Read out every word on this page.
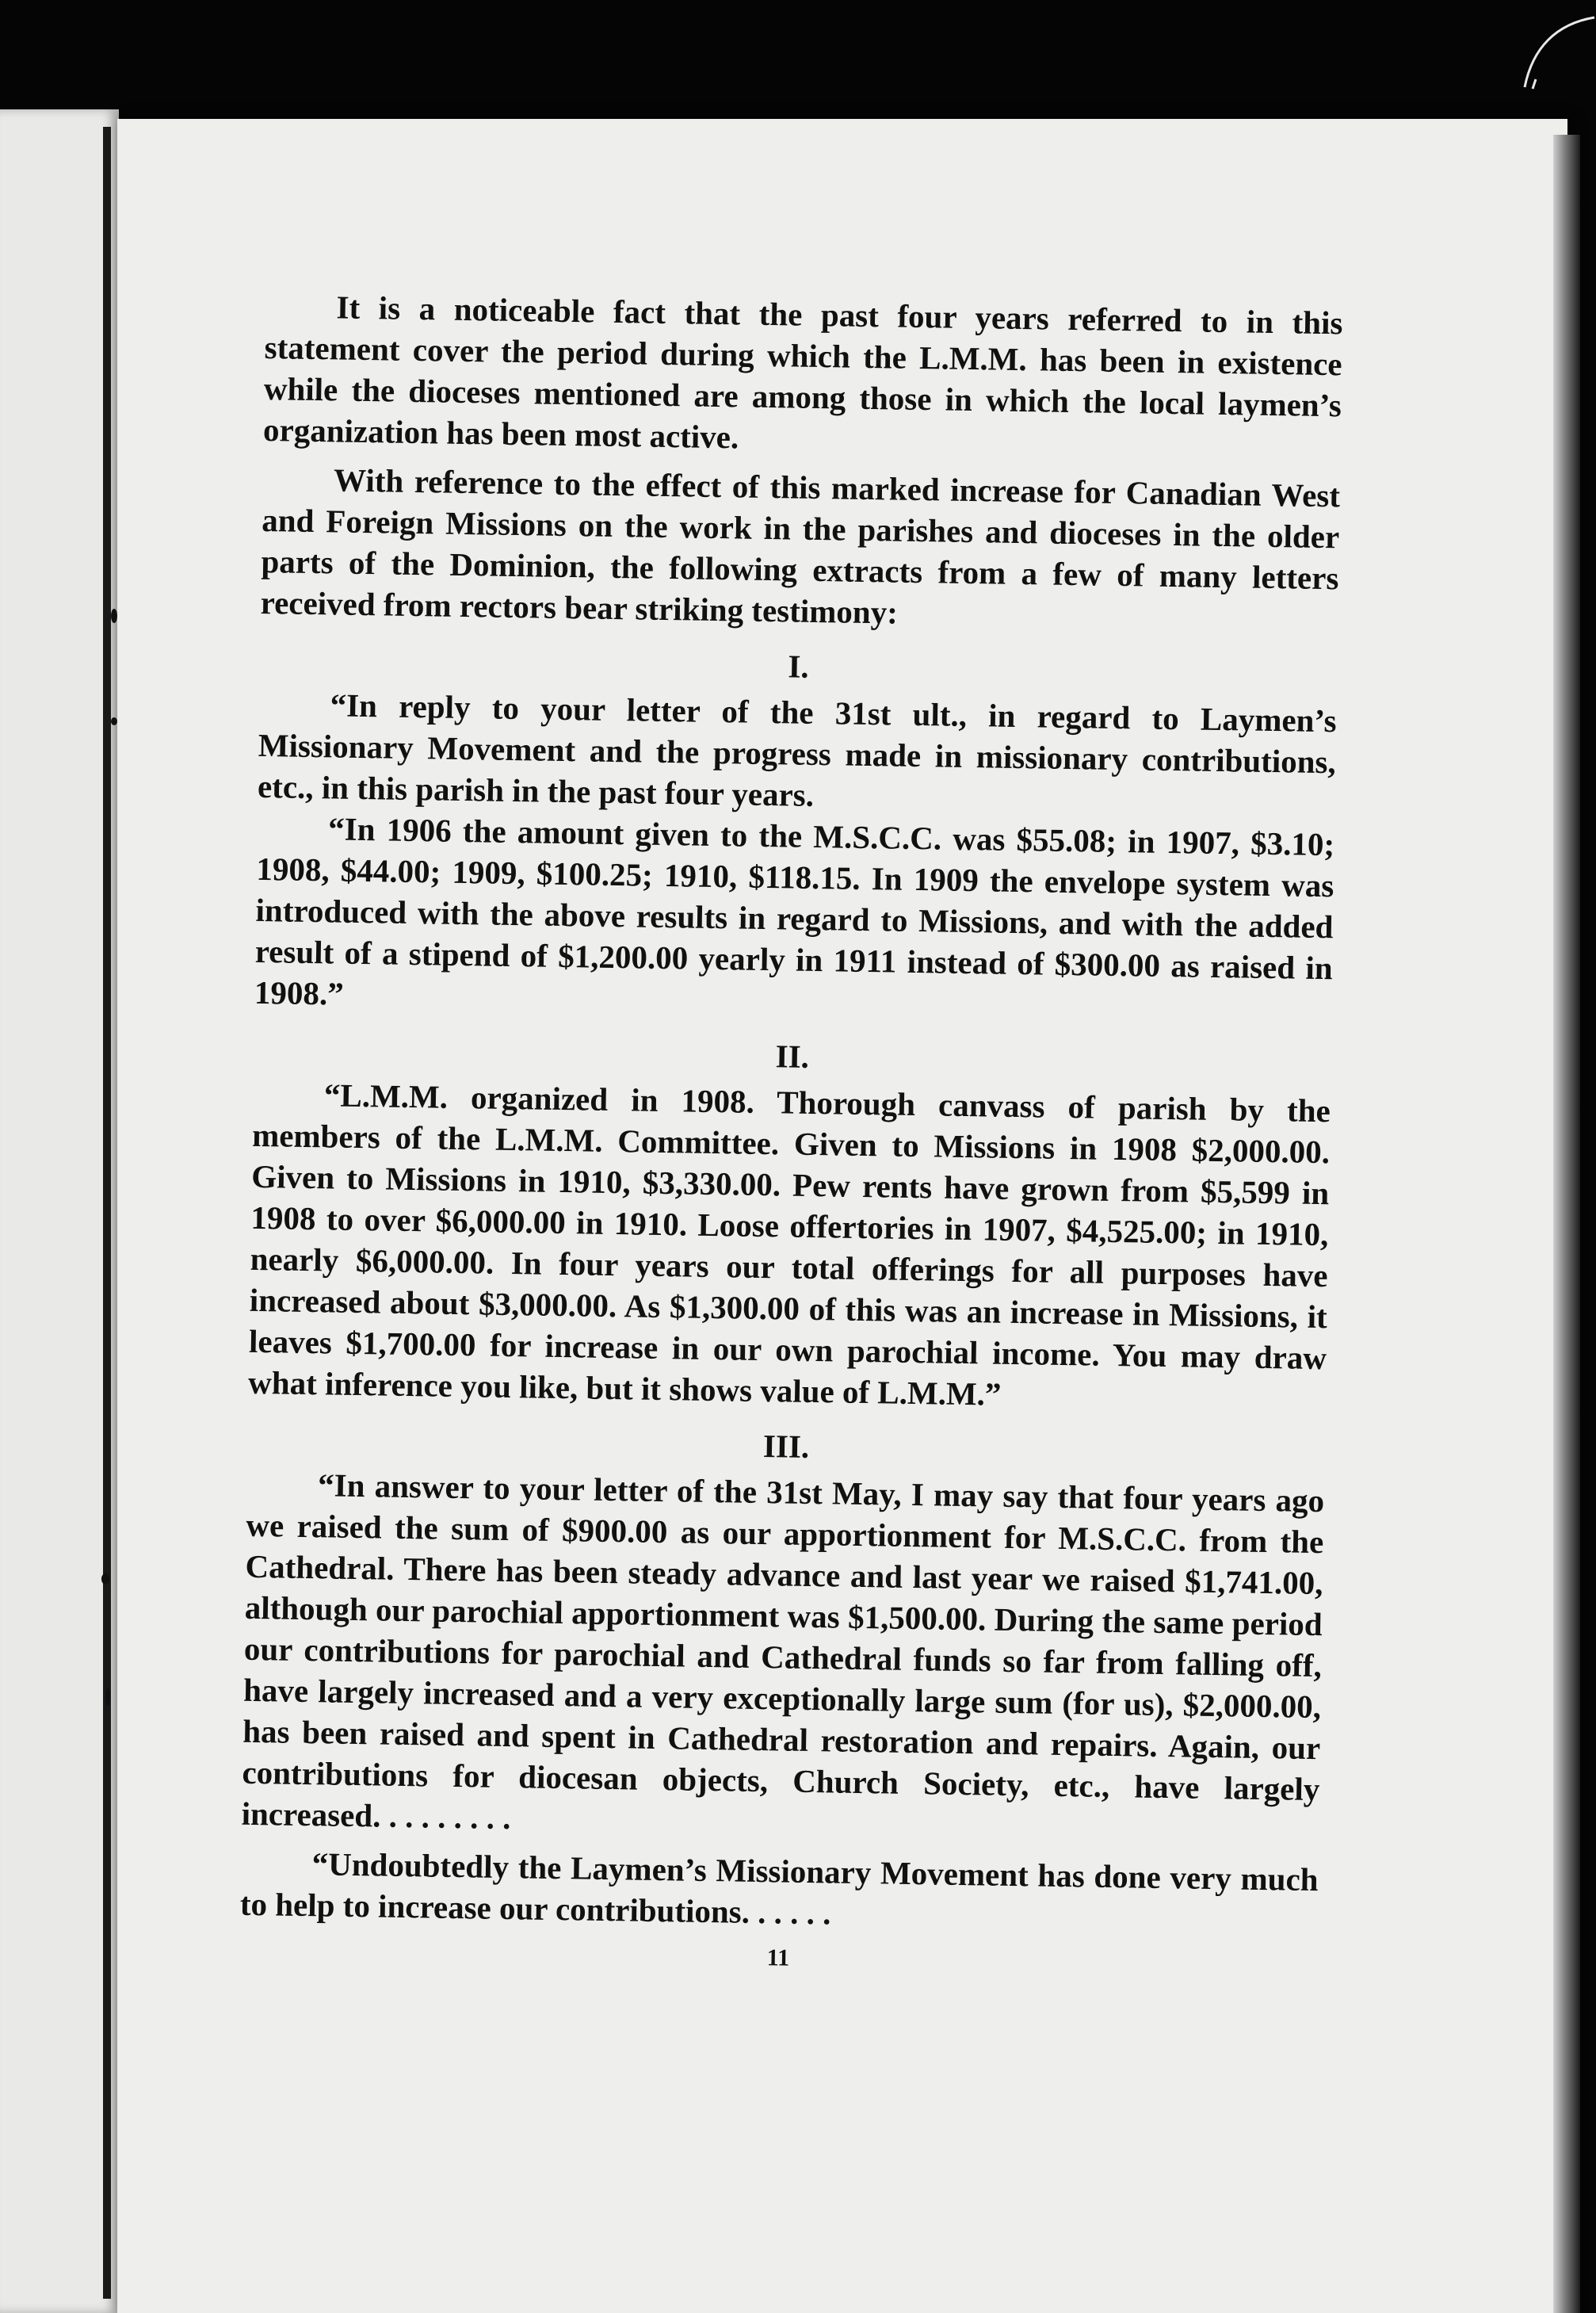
It is a noticeable fact that the past four years referred to in this statement cover the period during which the L.M.M. has been in existence while the dioceses mentioned are among those in which the local laymen’s organization has been most active.

With reference to the effect of this marked increase for Canadian West and Foreign Missions on the work in the parishes and dioceses in the older parts of the Dominion, the following extracts from a few of many letters received from rectors bear striking testimony:

I.

“In reply to your letter of the 31st ult., in regard to Laymen’s Missionary Movement and the progress made in missionary contributions, etc., in this parish in the past four years.

“In 1906 the amount given to the M.S.C.C. was $55.08; in 1907, $3.10; 1908, $44.00; 1909, $100.25; 1910, $118.15. In 1909 the envelope system was introduced with the above results in regard to Missions, and with the added result of a stipend of $1,200.00 yearly in 1911 instead of $300.00 as raised in 1908.”

II.

“L.M.M. organized in 1908. Thorough canvass of parish by the members of the L.M.M. Committee. Given to Missions in 1908 $2,000.00. Given to Missions in 1910, $3,330.00. Pew rents have grown from $5,599 in 1908 to over $6,000.00 in 1910. Loose offertories in 1907, $4,525.00; in 1910, nearly $6,000.00. In four years our total offerings for all purposes have increased about $3,000.00. As $1,300.00 of this was an increase in Missions, it leaves $1,700.00 for increase in our own parochial income. You may draw what inference you like, but it shows value of L.M.M.”

III.

“In answer to your letter of the 31st May, I may say that four years ago we raised the sum of $900.00 as our apportionment for M.S.C.C. from the Cathedral. There has been steady advance and last year we raised $1,741.00, although our parochial apportionment was $1,500.00. During the same period our contributions for parochial and Cathedral funds so far from falling off, have largely increased and a very exceptionally large sum (for us), $2,000.00, has been raised and spent in Cathedral restoration and repairs. Again, our contributions for diocesan objects, Church Society, etc., have largely increased. . . . . . . . .

“Undoubtedly the Laymen’s Missionary Movement has done very much to help to increase our contributions. . . . . .

11
